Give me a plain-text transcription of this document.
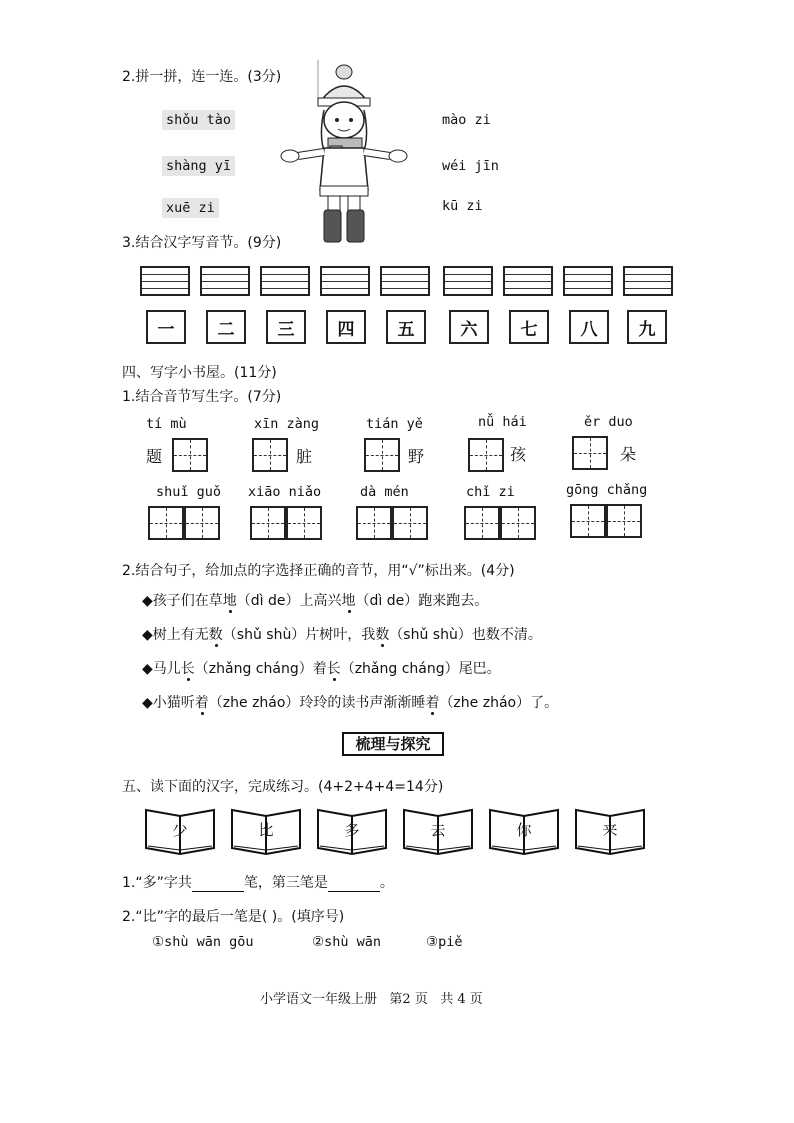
2.拼一拼，连一连。(3分)
shǒu tào
shàng yī
xuē zi
mào zi
wéi jīn
kū zi
3.结合汉字写音节。(9分)
一	二	三	四	五	六	七	八	九
四、写字小书屋。(11分)
1.结合音节写生字。(7分)
tí mù
题
xīn zàng
脏
tián yě
野
nǚ hái
孩
ěr duo
朵
shuǐ guǒ xiāo niǎo	dà mén	chǐ zi	gōng chǎng
2.结合句子，给加点的字选择正确的音节，用“√”标出来。(4分)
◆孩子们在草地（dì de）上高兴地（dì de）跑来跑去。
◆树上有无数（shǔ shù）片树叶，我数（shǔ shù）也数不清。
◆马儿长（zhǎng cháng）着长（zhǎng cháng）尾巴。
◆小猫听着（zhe zháo）玲玲的读书声渐渐睡着（zhe zháo）了。
梳理与探究
五、读下面的汉字，完成练习。(4+2+4+4=14分)
少	比	多	去	你	来
1.“多”字共	笔，第三笔是	。
2.“比”字的最后一笔是( )。(填序号)
①shù wān gōu	②shù wān	③piě
小学语文一年级上册 第2 页 共 4 页
